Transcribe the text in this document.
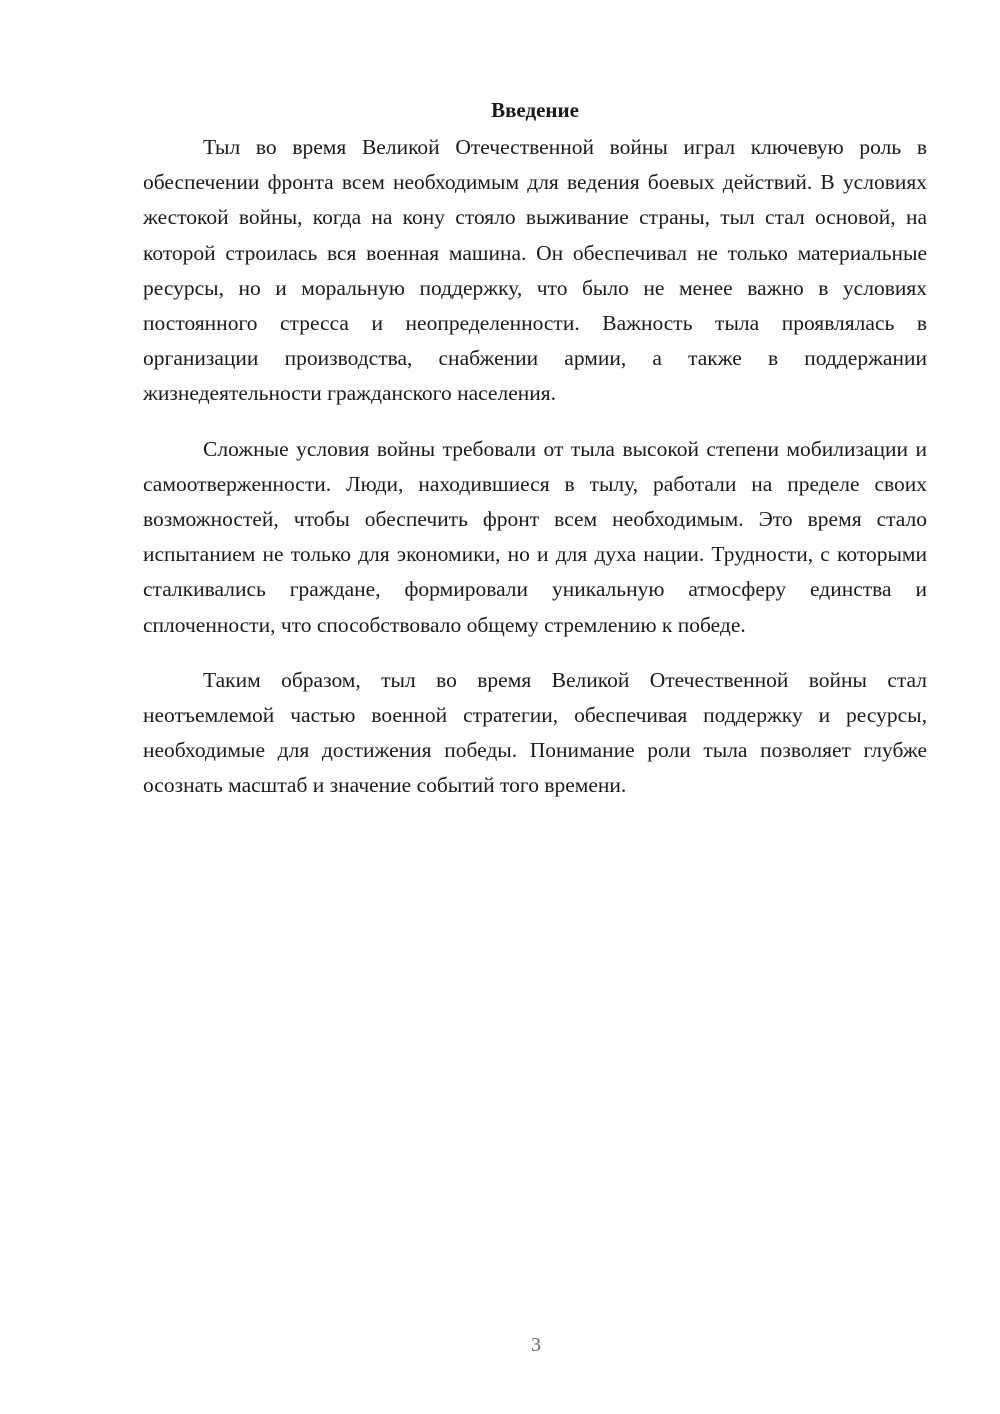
Введение

Тыл во время Великой Отечественной войны играл ключевую роль в обеспечении фронта всем необходимым для ведения боевых действий. В условиях жестокой войны, когда на кону стояло выживание страны, тыл стал основой, на которой строилась вся военная машина. Он обеспечивал не только материальные ресурсы, но и моральную поддержку, что было не менее важно в условиях постоянного стресса и неопределенности. Важность тыла проявлялась в организации производства, снабжении армии, а также в поддержании жизнедеятельности гражданского населения.

Сложные условия войны требовали от тыла высокой степени мобилизации и самоотверженности. Люди, находившиеся в тылу, работали на пределе своих возможностей, чтобы обеспечить фронт всем необходимым. Это время стало испытанием не только для экономики, но и для духа нации. Трудности, с которыми сталкивались граждане, формировали уникальную атмосферу единства и сплоченности, что способствовало общему стремлению к победе.

Таким образом, тыл во время Великой Отечественной войны стал неотъемлемой частью военной стратегии, обеспечивая поддержку и ресурсы, необходимые для достижения победы. Понимание роли тыла позволяет глубже осознать масштаб и значение событий того времени.

3
